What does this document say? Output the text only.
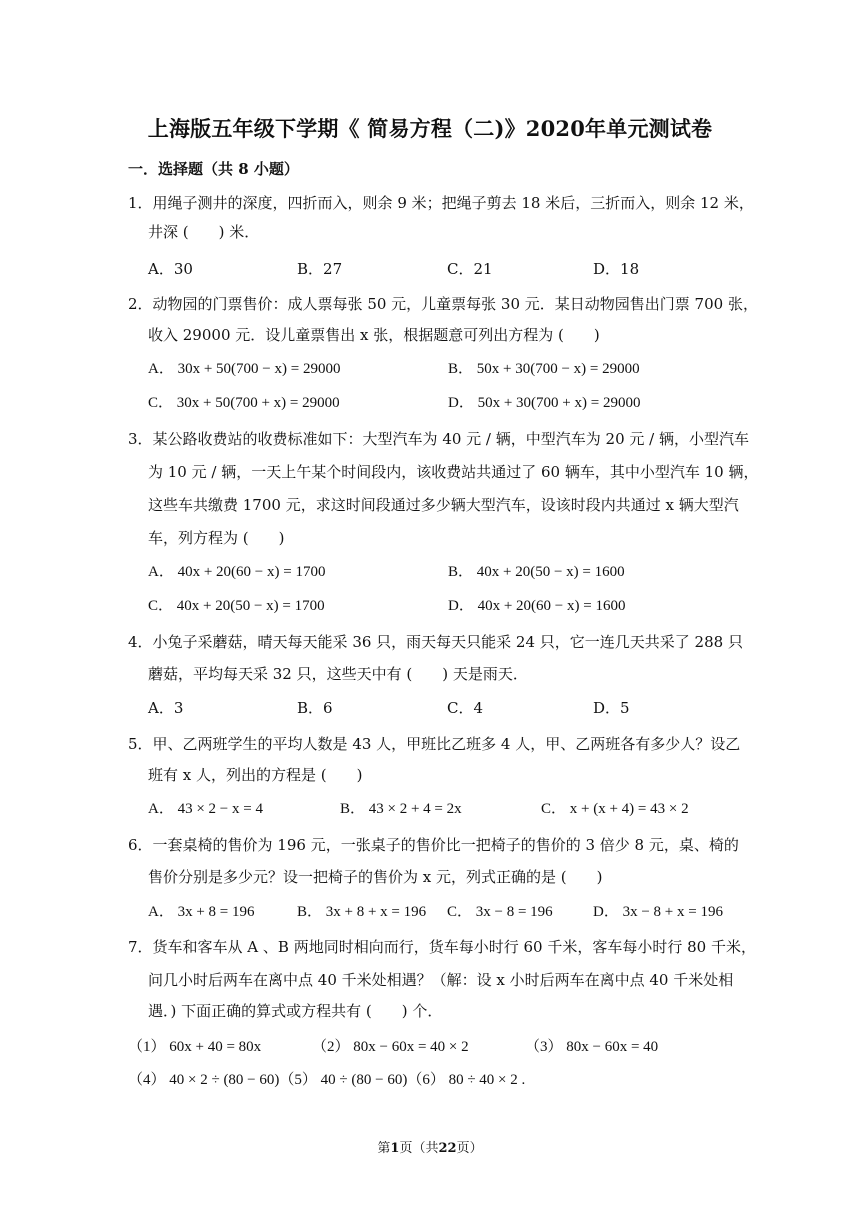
上海版五年级下学期《 简易方程（二)》2020年单元测试卷
一．选择题（共 8 小题）
1．用绳子测井的深度，四折而入，则余 9 米；把绳子剪去 18 米后，三折而入，则余 12 米，
井深 (　　) 米．
A．30	B．27	C．21	D．18
2．动物园的门票售价：成人票每张 50 元，儿童票每张 30 元．某日动物园售出门票 700 张，
收入 29000 元．设儿童票售出 x 张，根据题意可列出方程为 (　　)
A． 30x + 50(700 − x) = 29000	B． 50x + 30(700 − x) = 29000
C． 30x + 50(700 + x) = 29000	D． 50x + 30(700 + x) = 29000
3．某公路收费站的收费标准如下：大型汽车为 40 元 / 辆，中型汽车为 20 元 / 辆，小型汽车
为 10 元 / 辆，一天上午某个时间段内，该收费站共通过了 60 辆车，其中小型汽车 10 辆，
这些车共缴费 1700 元，求这时间段通过多少辆大型汽车，设该时段内共通过 x 辆大型汽
车，列方程为 (　　)
A． 40x + 20(60 − x) = 1700	B． 40x + 20(50 − x) = 1600
C． 40x + 20(50 − x) = 1700	D． 40x + 20(60 − x) = 1600
4．小兔子采蘑菇，晴天每天能采 36 只，雨天每天只能采 24 只，它一连几天共采了 288 只
蘑菇，平均每天采 32 只，这些天中有 (　　) 天是雨天．
A．3	B．6	C．4	D．5
5．甲、乙两班学生的平均人数是 43 人，甲班比乙班多 4 人，甲、乙两班各有多少人？设乙
班有 x 人，列出的方程是 (　　)
A． 43 × 2 − x = 4	B． 43 × 2 + 4 = 2x	C． x + (x + 4) = 43 × 2
6．一套桌椅的售价为 196 元，一张桌子的售价比一把椅子的售价的 3 倍少 8 元，桌、椅的
售价分别是多少元？设一把椅子的售价为 x 元，列式正确的是 (　　)
A． 3x + 8 = 196	B． 3x + 8 + x = 196 C． 3x − 8 = 196	D． 3x − 8 + x = 196
7．货车和客车从 A 、B 两地同时相向而行，货车每小时行 60 千米，客车每小时行 80 千米，
问几小时后两车在离中点 40 千米处相遇？（解：设 x 小时后两车在离中点 40 千米处相
遇．) 下面正确的算式或方程共有 (　　) 个．
（1） 60x + 40 = 80x	（2） 80x − 60x = 40 × 2	（3） 80x − 60x = 40
（4） 40 × 2 ÷ (80 − 60)（5） 40 ÷ (80 − 60)（6） 80 ÷ 40 × 2 .
第1页（共22页）
